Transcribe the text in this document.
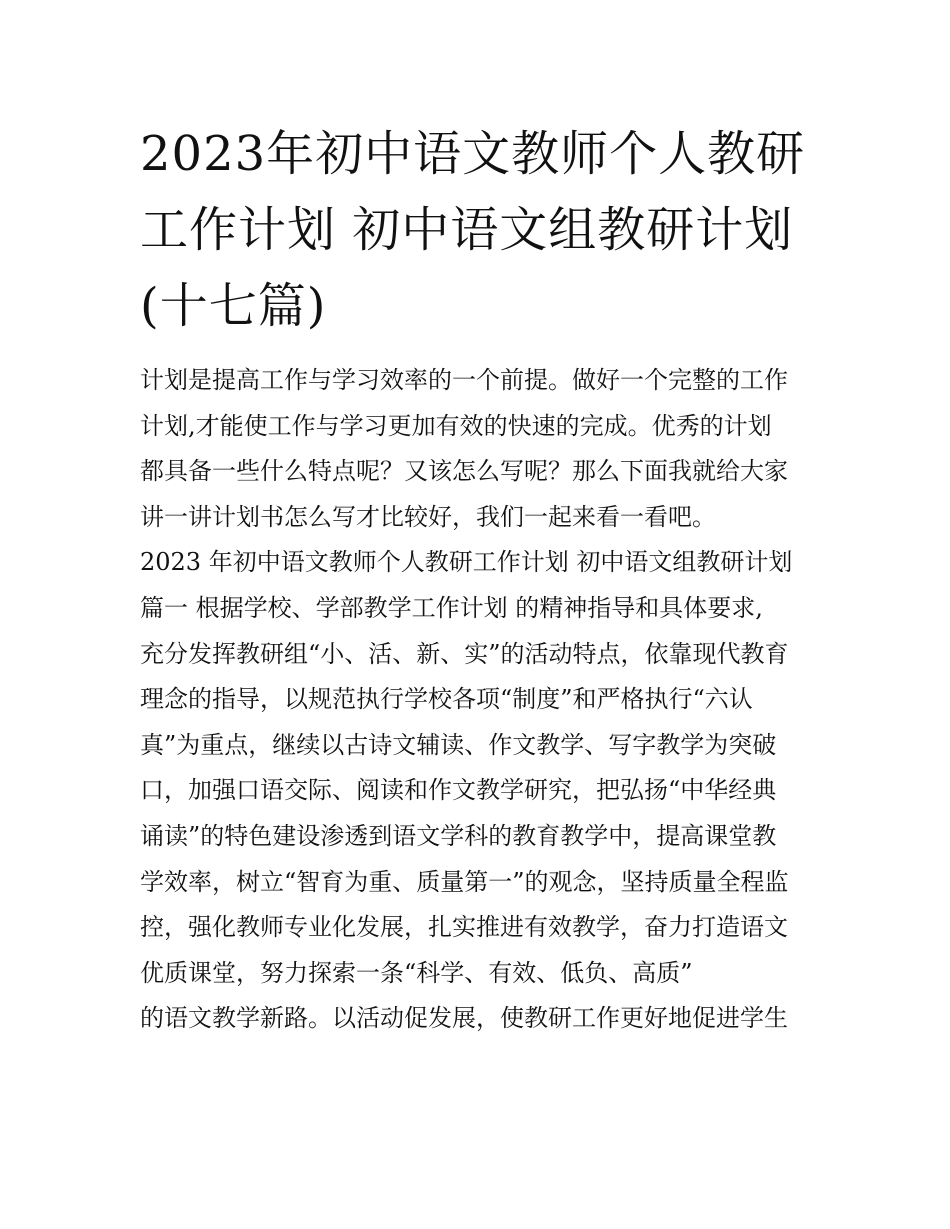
2023年初中语文教师个人教研
工作计划 初中语文组教研计划
(十七篇)
计划是提高工作与学习效率的一个前提。做好一个完整的工作
计划,才能使工作与学习更加有效的快速的完成。优秀的计划
都具备一些什么特点呢？又该怎么写呢？那么下面我就给大家
讲一讲计划书怎么写才比较好，我们一起来看一看吧。
2023 年初中语文教师个人教研工作计划 初中语文组教研计划
篇一 根据学校、学部教学工作计划 的精神指导和具体要求,
充分发挥教研组“小、活、新、实”的活动特点，依靠现代教育
理念的指导，以规范执行学校各项“制度”和严格执行“六认
真”为重点，继续以古诗文辅读、作文教学、写字教学为突破
口，加强口语交际、阅读和作文教学研究，把弘扬“中华经典
诵读”的特色建设渗透到语文学科的教育教学中，提高课堂教
学效率，树立“智育为重、质量第一”的观念，坚持质量全程监
控，强化教师专业化发展，扎实推进有效教学，奋力打造语文
优质课堂，努力探索一条“科学、有效、低负、高质”
的语文教学新路。以活动促发展，使教研工作更好地促进学生
